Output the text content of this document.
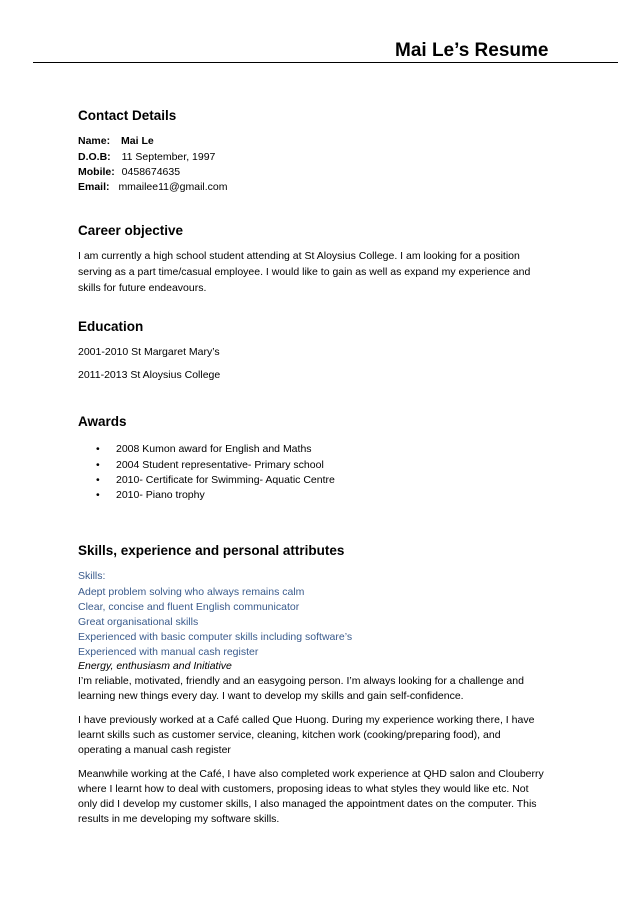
Mai Le’s Resume
Contact Details
Name: Mai Le
D.O.B: 11 September, 1997
Mobile: 0458674635
Email: mmailee11@gmail.com
Career objective
I am currently a high school student attending at St Aloysius College. I am looking for a position
serving as a part time/casual employee. I would like to gain as well as expand my experience and
skills for future endeavours.
Education
2001-2010 St Margaret Mary’s
2011-2013 St Aloysius College
Awards
• 2008 Kumon award for English and Maths
• 2004 Student representative- Primary school
• 2010- Certificate for Swimming- Aquatic Centre
• 2010- Piano trophy
Skills, experience and personal attributes
Skills:
Adept problem solving who always remains calm
Clear, concise and fluent English communicator
Great organisational skills
Experienced with basic computer skills including software’s
Experienced with manual cash register
Energy, enthusiasm and Initiative
I’m reliable, motivated, friendly and an easygoing person. I’m always looking for a challenge and
learning new things every day. I want to develop my skills and gain self-confidence.
I have previously worked at a Café called Que Huong. During my experience working there, I have
learnt skills such as customer service, cleaning, kitchen work (cooking/preparing food), and
operating a manual cash register
Meanwhile working at the Café, I have also completed work experience at QHD salon and Clouberry
where I learnt how to deal with customers, proposing ideas to what styles they would like etc. Not
only did I develop my customer skills, I also managed the appointment dates on the computer. This
results in me developing my software skills.
